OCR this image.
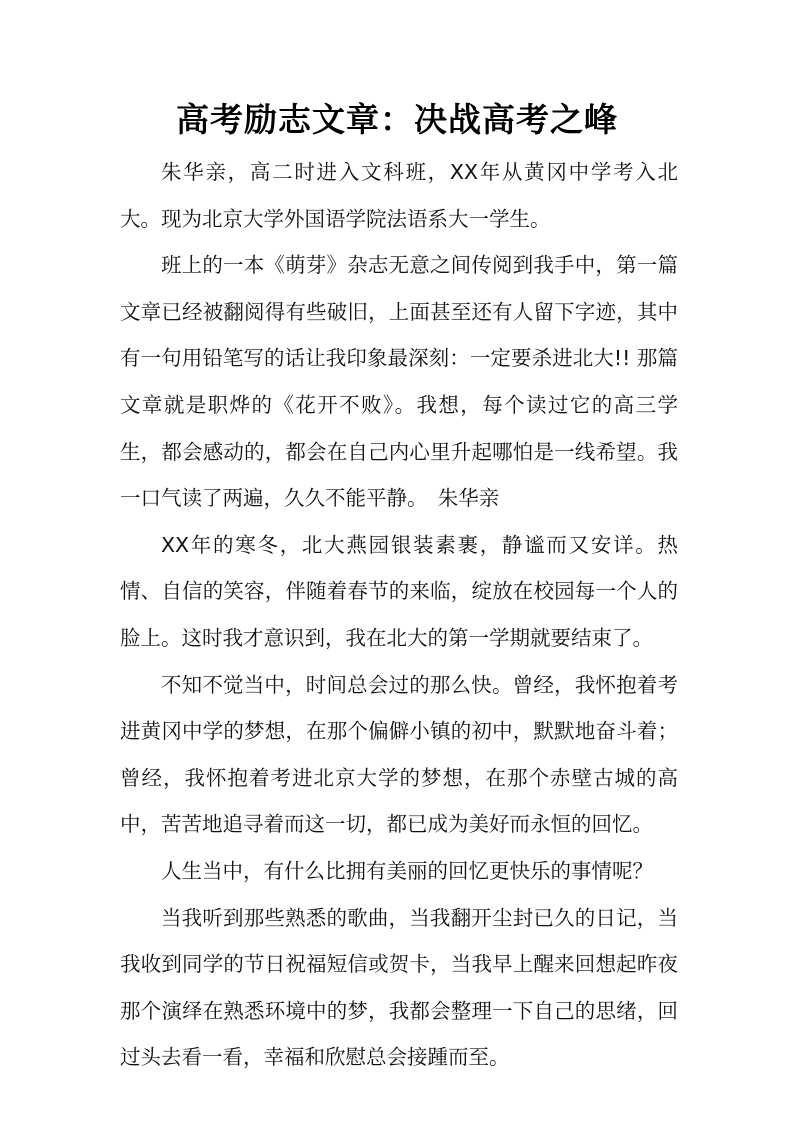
高考励志文章：决战高考之峰

朱华亲，高二时进入文科班，XX年从黄冈中学考入北大。现为北京大学外国语学院法语系大一学生。

班上的一本《萌芽》杂志无意之间传阅到我手中，第一篇文章已经被翻阅得有些破旧，上面甚至还有人留下字迹，其中有一句用铅笔写的话让我印象最深刻：一定要杀进北大!! 那篇文章就是职烨的《花开不败》。我想，每个读过它的高三学生，都会感动的，都会在自己内心里升起哪怕是一线希望。我一口气读了两遍，久久不能平静。　朱华亲

XX年的寒冬，北大燕园银装素裹，静谧而又安详。热情、自信的笑容，伴随着春节的来临，绽放在校园每一个人的脸上。这时我才意识到，我在北大的第一学期就要结束了。

不知不觉当中，时间总会过的那么快。曾经，我怀抱着考进黄冈中学的梦想，在那个偏僻小镇的初中，默默地奋斗着；曾经，我怀抱着考进北京大学的梦想，在那个赤壁古城的高中，苦苦地追寻着而这一切，都已成为美好而永恒的回忆。

人生当中，有什么比拥有美丽的回忆更快乐的事情呢？

当我听到那些熟悉的歌曲，当我翻开尘封已久的日记，当我收到同学的节日祝福短信或贺卡，当我早上醒来回想起昨夜那个演绎在熟悉环境中的梦，我都会整理一下自己的思绪，回过头去看一看，幸福和欣慰总会接踵而至。
